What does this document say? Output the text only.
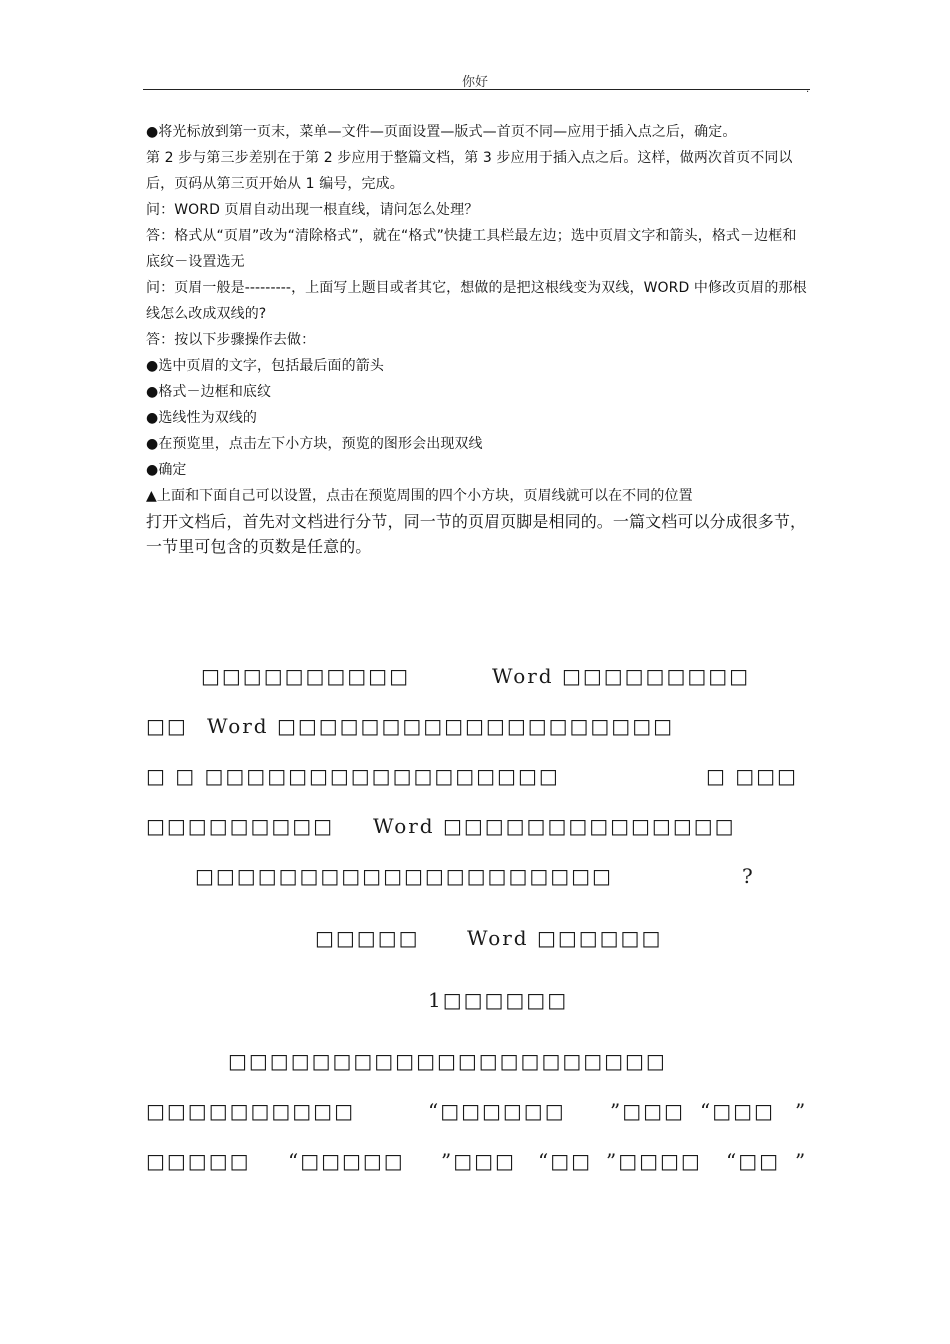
你好	.

●将光标放到第一页末，菜单—文件—页面设置—版式—首页不同—应用于插入点之后，确定。

第 2 步与第三步差别在于第 2 步应用于整篇文档，第 3 步应用于插入点之后。这样，做两次首页不同以后，页码从第三页开始从 1 编号，完成。

问：WORD 页眉自动出现一根直线，请问怎么处理？

答：格式从“页眉”改为“清除格式”，就在“格式”快捷工具栏最左边；选中页眉文字和箭头，格式－边框和底纹－设置选无

问：页眉一般是---------，上面写上题目或者其它，想做的是把这根线变为双线，WORD 中修改页眉的那根线怎么改成双线的?

答：按以下步骤操作去做：

●选中页眉的文字，包括最后面的箭头

●格式－边框和底纹

●选线性为双线的

●在预览里，点击左下小方块，预览的图形会出现双线

●确定

▲上面和下面自己可以设置，点击在预览周围的四个小方块，页眉线就可以在不同的位置

打开文档后，首先对文档进行分节，同一节的页眉页脚是相同的。一篇文档可以分成很多节，一节里可包含的页数是任意的。

□□□□□□□□□□	Word □□□□□□□□□
□□ Word □□□□□□□□□□□□□□□□□□□
□ □ □□□□□□□□□□□□□□□□□	□ □□□
□□□□□□□□□ Word □□□□□□□□□□□□□□
□□□□□□□□□□□□□□□□□□□□	?
□□□□□ Word □□□□□□
1□□□□□□
□□□□□□□□□□□□□□□□□□□□□
□□□□□□□□□□	“□□□□□□ ”□□□ “□□□ ”
□□□□□ “□□□□□ ”□□□ “□□ ”□□□□ “□□ ”
